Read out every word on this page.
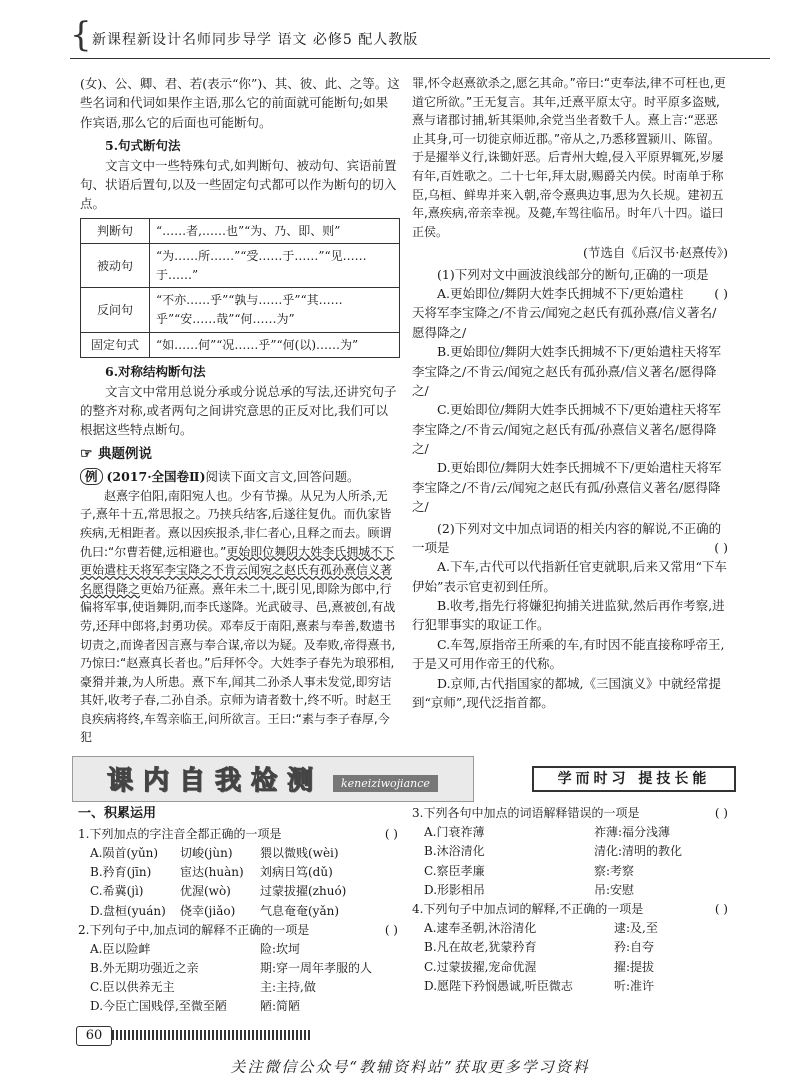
{ 新课程新设计名师同步导学 语文 必修5 配人教版

(女)、公、卿、君、若(表示“你”)、其、彼、此、之等。这些名词和代词如果作主语,那么它的前面就可能断句;如果作宾语,那么它的后面也可能断句。

5.句式断句法

文言文中一些特殊句式,如判断句、被动句、宾语前置句、状语后置句,以及一些固定句式都可以作为断句的切入点。

判断句	“……者,……也”“为、乃、即、则”
被动句	“为……所……”“受……于……”“见……于……”
反问句	“不亦……乎”“孰与……乎”“其……乎”“安……哉”“何……为”
固定句式	“如……何”“况……乎”“何(以)……为”

6.对称结构断句法

文言文中常用总说分承或分说总承的写法,还讲究句子的整齐对称,或者两句之间讲究意思的正反对比,我们可以根据这些特点断句。

☞ 典题例说

例 (2017·全国卷Ⅱ)阅读下面文言文,回答问题。

赵熹字伯阳,南阳宛人也。少有节操。从兄为人所杀,无子,熹年十五,常思报之。乃挟兵结客,后遂往复仇。而仇家皆疾病,无相距者。熹以因疾报杀,非仁者心,且释之而去。顾谓仇曰:“尔曹若健,远相避也。”更始即位舞阴大姓李氏拥城不下更始遣柱天将军李宝降之不肯云闻宛之赵氏有孤孙熹信义著名愿得降之更始乃征熹。熹年未二十,既引见,即除为郎中,行偏将军事,使诣舞阴,而李氏遂降。光武破寻、邑,熹被创,有战劳,还拜中郎将,封勇功侯。邓奉反于南阳,熹素与奉善,数遗书切责之,而谗者因言熹与奉合谋,帝以为疑。及奉败,帝得熹书,乃惊曰:“赵熹真长者也。”后拜怀令。大姓李子春先为琅邪相,豪猾并兼,为人所患。熹下车,闻其二孙杀人事未发觉,即穷诘其奸,收考子春,二孙自杀。京师为请者数十,终不听。时赵王良疾病将终,车驾亲临王,问所欲言。王曰:“素与李子春厚,今犯

罪,怀令赵熹欲杀之,愿乞其命。”帝曰:“吏奉法,律不可枉也,更道它所欲。”王无复言。其年,迁熹平原太守。时平原多盗贼,熹与诸郡讨捕,斩其渠帅,余党当坐者数千人。熹上言:“恶恶止其身,可一切徙京师近郡。”帝从之,乃悉移置颍川、陈留。于是擢举义行,诛锄奸恶。后青州大蝗,侵入平原界辄死,岁屡有年,百姓歌之。二十七年,拜太尉,赐爵关内侯。时南单于称臣,乌桓、鲜卑并来入朝,帝令熹典边事,思为久长规。建初五年,熹疾病,帝亲幸视。及薨,车驾往临吊。时年八十四。谥曰正侯。

(节选自《后汉书·赵熹传》)

(1)下列对文中画波浪线部分的断句,正确的一项是
( )

A.更始即位/舞阴大姓李氏拥城不下/更始遣柱天将军李宝降之/不肯云/闻宛之赵氏有孤孙熹/信义著名/愿得降之/

B.更始即位/舞阴大姓李氏拥城不下/更始遣柱天将军李宝降之/不肯云/闻宛之赵氏有孤孙熹/信义著名/愿得降之/

C.更始即位/舞阴大姓李氏拥城不下/更始遣柱天将军李宝降之/不肯云/闻宛之赵氏有孤/孙熹信义著名/愿得降之/

D.更始即位/舞阴大姓李氏拥城不下/更始遣柱天将军李宝降之/不肯/云/闻宛之赵氏有孤/孙熹信义著名/愿得降之/

(2)下列对文中加点词语的相关内容的解说,不正确的一项是	( )

A.下车,古代可以代指新任官吏就职,后来又常用“下车伊始”表示官吏初到任所。

B.收考,指先行将嫌犯拘捕关进监狱,然后再作考察,进行犯罪事实的取证工作。

C.车驾,原指帝王所乘的车,有时因不能直接称呼帝王,于是又可用作帝王的代称。

D.京师,古代指国家的都城,《三国演义》中就经常提到“京师”,现代泛指首都。

课内自我检测	keneiziwojiance	学而时习 提技长能

一、积累运用

1.下列加点的字注音全都正确的一项是	( )

A.陨首(yǔn)	切峻(jùn)	猥以微贱(wèi)
B.矜育(jīn)	宦达(huàn)	刘病日笃(dǔ)
C.希冀(jì)	优渥(wò)	过蒙拔擢(zhuó)
D.盘桓(yuán)	侥幸(jiǎo)	气息奄奄(yǎn)

2.下列句子中,加点词的解释不正确的一项是	( )

A.臣以险衅	险:坎坷
B.外无期功强近之亲	期:穿一周年孝服的人
C.臣以供养无主	主:主持,做
D.今臣亡国贱俘,至微至陋	陋:简陋

3.下列各句中加点的词语解释错误的一项是	( )

A.门衰祚薄	祚薄:福分浅薄
B.沐浴清化	清化:清明的教化
C.察臣孝廉	察:考察
D.形影相吊	吊:安慰

4.下列句子中加点词的解释,不正确的一项是	( )

A.逮奉圣朝,沐浴清化	逮:及,至
B.凡在故老,犹蒙矜育	矜:自夸
C.过蒙拔擢,宠命优渥	擢:提拔
D.愿陛下矜悯愚诚,听臣微志	听:准许
60
关注微信公众号“教辅资料站”获取更多学习资料
